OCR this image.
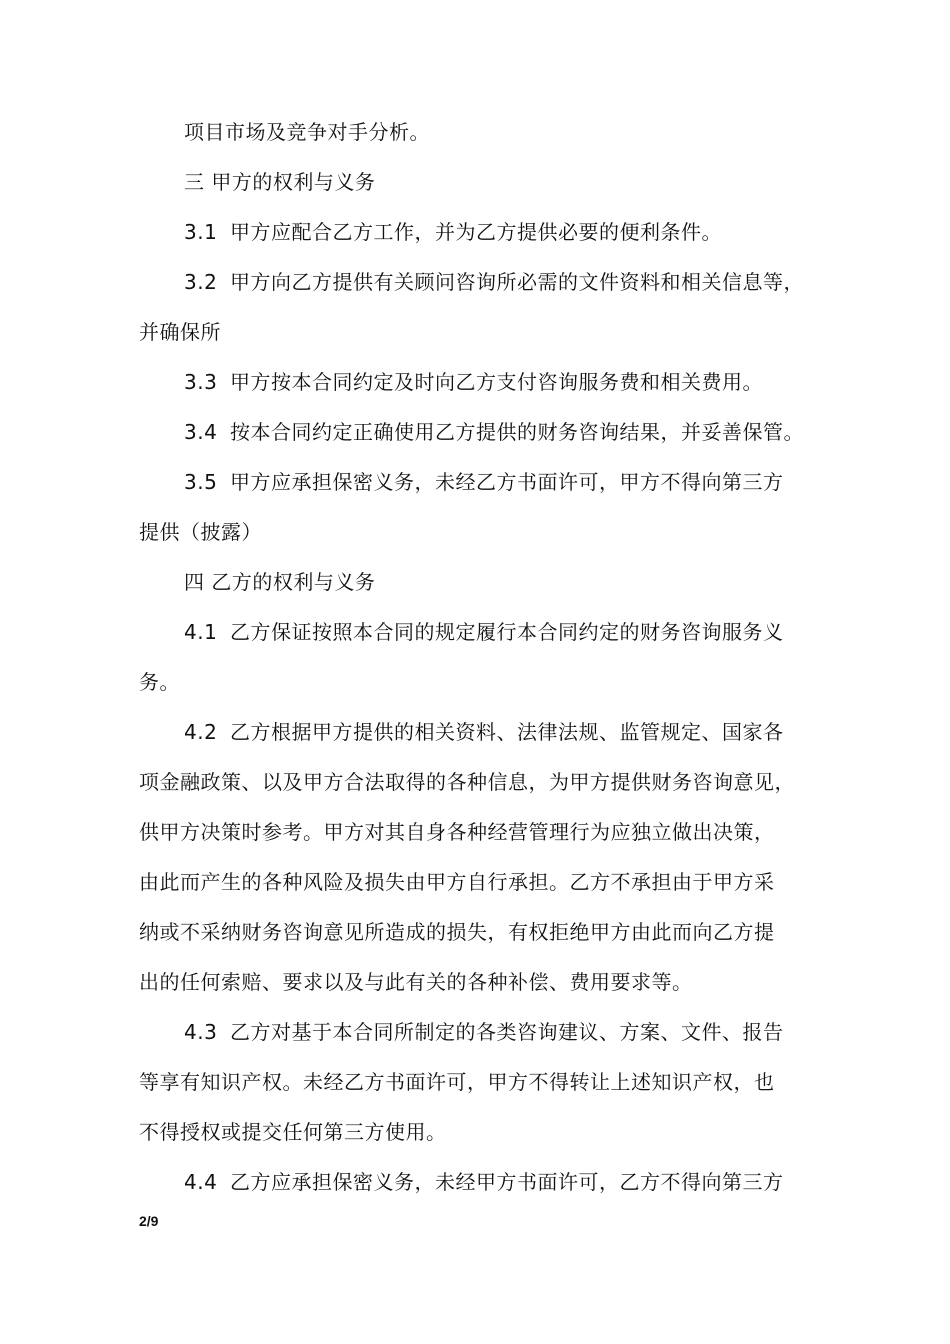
项目市场及竞争对手分析。
三 甲方的权利与义务
3.1 甲方应配合乙方工作，并为乙方提供必要的便利条件。
3.2 甲方向乙方提供有关顾问咨询所必需的文件资料和相关信息等，
并确保所
3.3 甲方按本合同约定及时向乙方支付咨询服务费和相关费用。
3.4 按本合同约定正确使用乙方提供的财务咨询结果，并妥善保管。
3.5 甲方应承担保密义务，未经乙方书面许可，甲方不得向第三方
提供（披露）
四 乙方的权利与义务
4.1 乙方保证按照本合同的规定履行本合同约定的财务咨询服务义
务。
4.2 乙方根据甲方提供的相关资料、法律法规、监管规定、国家各
项金融政策、以及甲方合法取得的各种信息，为甲方提供财务咨询意见，
供甲方决策时参考。甲方对其自身各种经营管理行为应独立做出决策，
由此而产生的各种风险及损失由甲方自行承担。乙方不承担由于甲方采
纳或不采纳财务咨询意见所造成的损失，有权拒绝甲方由此而向乙方提
出的任何索赔、要求以及与此有关的各种补偿、费用要求等。
4.3 乙方对基于本合同所制定的各类咨询建议、方案、文件、报告
等享有知识产权。未经乙方书面许可，甲方不得转让上述知识产权，也
不得授权或提交任何第三方使用。
4.4 乙方应承担保密义务，未经甲方书面许可，乙方不得向第三方
2/9
